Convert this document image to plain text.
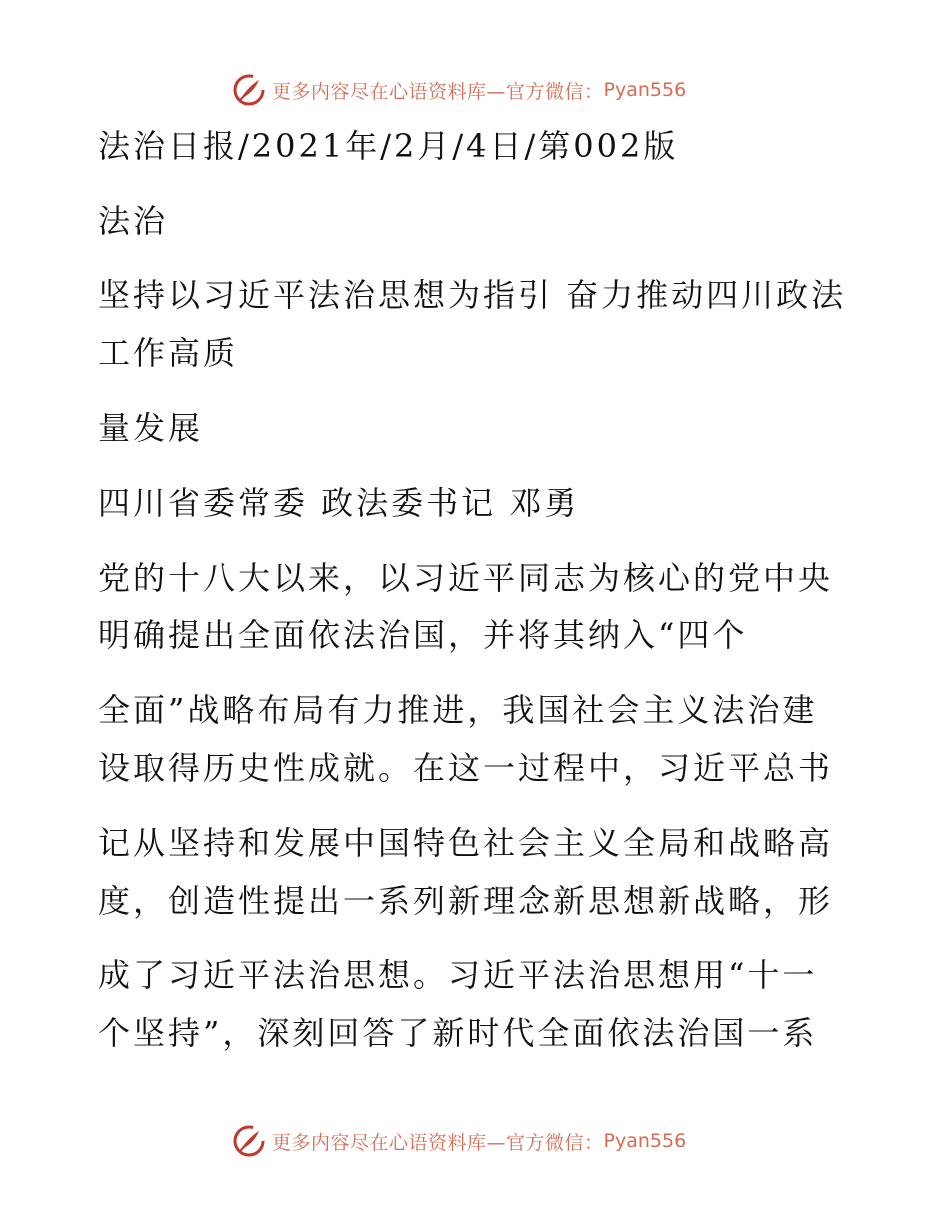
更多内容尽在心语资料库—官方微信： Pyan556
法治日报/2021年/2月/4日/第002版
法治
坚持以习近平法治思想为指引 奋力推动四川政法
工作高质
量发展
四川省委常委 政法委书记 邓勇
党的十八大以来，以习近平同志为核心的党中央
明确提出全面依法治国，并将其纳入“四个
全面”战略布局有力推进，我国社会主义法治建
设取得历史性成就。在这一过程中，习近平总书
记从坚持和发展中国特色社会主义全局和战略高
度，创造性提出一系列新理念新思想新战略，形
成了习近平法治思想。习近平法治思想用“十一
个坚持”，深刻回答了新时代全面依法治国一系
更多内容尽在心语资料库—官方微信： Pyan556
